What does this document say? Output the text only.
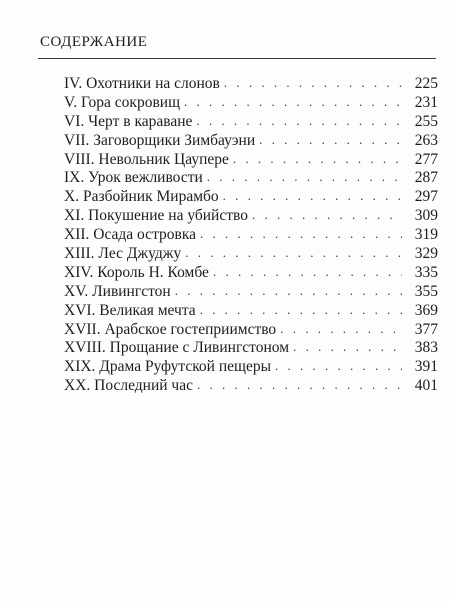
СОДЕРЖАНИЕ
IV. Охотники на слонов . . .	225
V. Гора сокровищ . . .	231
VI. Черт в караване . . .	255
VII. Заговорщики Зимбауэни . . .	263
VIII. Невольник Цаупере . . .	277
IX. Урок вежливости . . .	287
X. Разбойник Мирамбо . . .	297
XI. Покушение на убийство . . .	309
XII. Осада островка . . .	319
XIII. Лес Джуджу . . .	329
XIV. Король Н. Комбе . . .	335
XV. Ливингстон . . .	355
XVI. Великая мечта . . .	369
XVII. Арабское гостеприимство . . .	377
XVIII. Прощание с Ливингстоном . . .	383
XIX. Драма Руфутской пещеры . . .	391
XX. Последний час . . .	401
